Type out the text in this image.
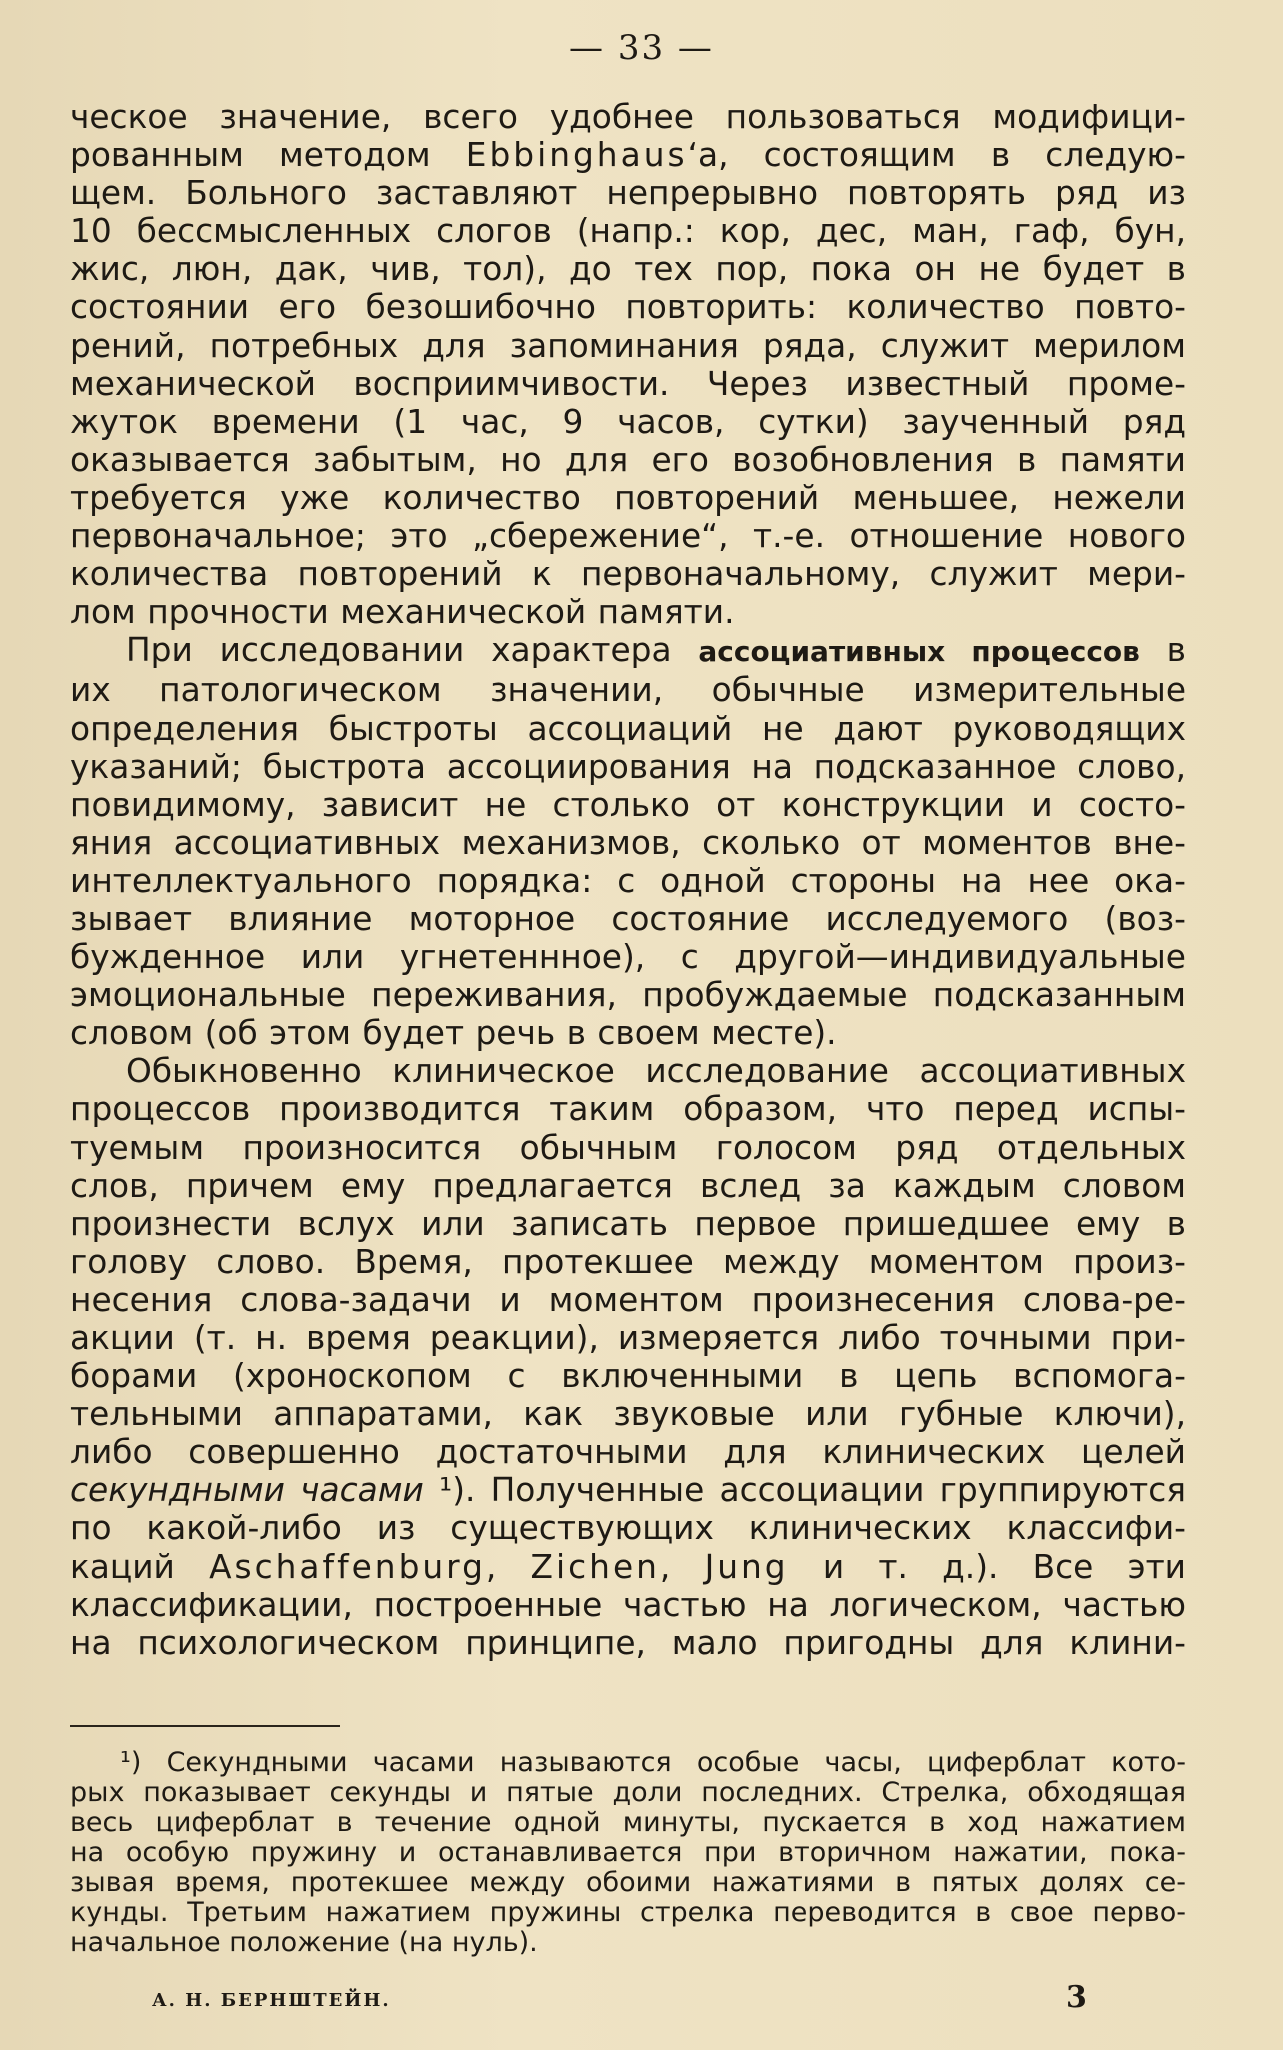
— 33 —

ческое значение, всего удобнее пользоваться модифици-

рованным методом Ebbinghaus‘a, состоящим в следую-

щем. Больного заставляют непрерывно повторять ряд из

10 бессмысленных слогов (напр.: кор, дес, ман, гаф, бун,

жис, люн, дак, чив, тол), до тех пор, пока он не будет в

состоянии его безошибочно повторить: количество повто-

рений, потребных для запоминания ряда, служит мерилом

механической восприимчивости. Через известный проме-

жуток времени (1 час, 9 часов, сутки) заученный ряд

оказывается забытым, но для его возобновления в памяти

требуется уже количество повторений меньшее, нежели

первоначальное; это „сбережение“, т.-е. отношение нового

количества повторений к первоначальному, служит мери-

лом прочности механической памяти.

При исследовании характера ассоциативных процессов в

их патологическом значении, обычные измерительные

определения быстроты ассоциаций не дают руководящих

указаний; быстрота ассоциирования на подсказанное слово,

повидимому, зависит не столько от конструкции и состо-

яния ассоциативных механизмов, сколько от моментов вне-

интеллектуального порядка: с одной стороны на нее ока-

зывает влияние моторное состояние исследуемого (воз-

бужденное или угнетеннное), с другой—индивидуальные

эмоциональные переживания, пробуждаемые подсказанным

словом (об этом будет речь в своем месте).

Обыкновенно клиническое исследование ассоциативных

процессов производится таким образом, что перед испы-

туемым произносится обычным голосом ряд отдельных

слов, причем ему предлагается вслед за каждым словом

произнести вслух или записать первое пришедшее ему в

голову слово. Время, протекшее между моментом произ-

несения слова-задачи и моментом произнесения слова-ре-

акции (т. н. время реакции), измеряется либо точными при-

борами (хроноскопом с включенными в цепь вспомога-

тельными аппаратами, как звуковые или губные ключи),

либо совершенно достаточными для клинических целей

секундными часами ¹). Полученные ассоциации группируются

по какой-либо из существующих клинических классифи-

каций Aschaffenburg, Zichen, Jung и т. д.). Все эти

классификации, построенные частью на логическом, частью

на психологическом принципе, мало пригодны для клини-

¹) Секундными часами называются особые часы, циферблат кото-

рых показывает секунды и пятые доли последних. Стрелка, обходящая

весь циферблат в течение одной минуты, пускается в ход нажатием

на особую пружину и останавливается при вторичном нажатии, пока-

зывая время, протекшее между обоими нажатиями в пятых долях се-

кунды. Третьим нажатием пружины стрелка переводится в свое перво-

начальное положение (на нуль).

А. Н. БЕРНШТЕЙН.	3
